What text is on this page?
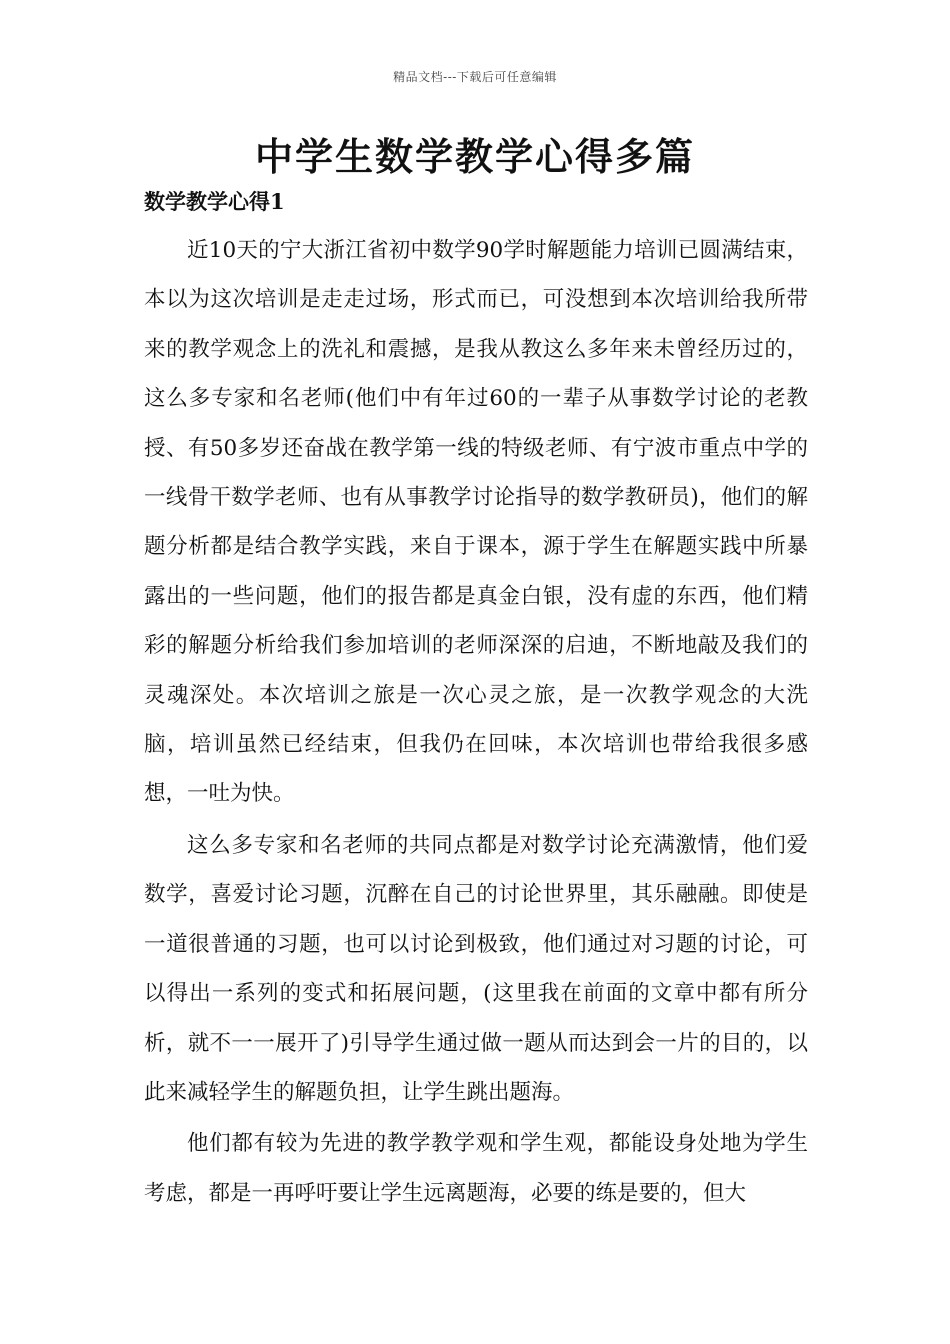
精品文档---下载后可任意编辑
中学生数学教学心得多篇
数学教学心得1

近10天的宁大浙江省初中数学90学时解题能力培训已圆满结束，本以为这次培训是走走过场，形式而已，可没想到本次培训给我所带来的教学观念上的洗礼和震撼，是我从教这么多年来未曾经历过的，这么多专家和名老师(他们中有年过60的一辈子从事数学讨论的老教授、有50多岁还奋战在教学第一线的特级老师、有宁波市重点中学的一线骨干数学老师、也有从事教学讨论指导的数学教研员)，他们的解题分析都是结合教学实践，来自于课本，源于学生在解题实践中所暴露出的一些问题，他们的报告都是真金白银，没有虚的东西，他们精彩的解题分析给我们参加培训的老师深深的启迪，不断地敲及我们的灵魂深处。本次培训之旅是一次心灵之旅，是一次教学观念的大洗脑，培训虽然已经结束，但我仍在回味，本次培训也带给我很多感想，一吐为快。

这么多专家和名老师的共同点都是对数学讨论充满激情，他们爱数学，喜爱讨论习题，沉醉在自己的讨论世界里，其乐融融。即使是一道很普通的习题，也可以讨论到极致，他们通过对习题的讨论，可以得出一系列的变式和拓展问题，(这里我在前面的文章中都有所分析，就不一一展开了)引导学生通过做一题从而达到会一片的目的，以此来减轻学生的解题负担，让学生跳出题海。

他们都有较为先进的教学教学观和学生观，都能设身处地为学生考虑，都是一再呼吁要让学生远离题海，必要的练是要的，但大
